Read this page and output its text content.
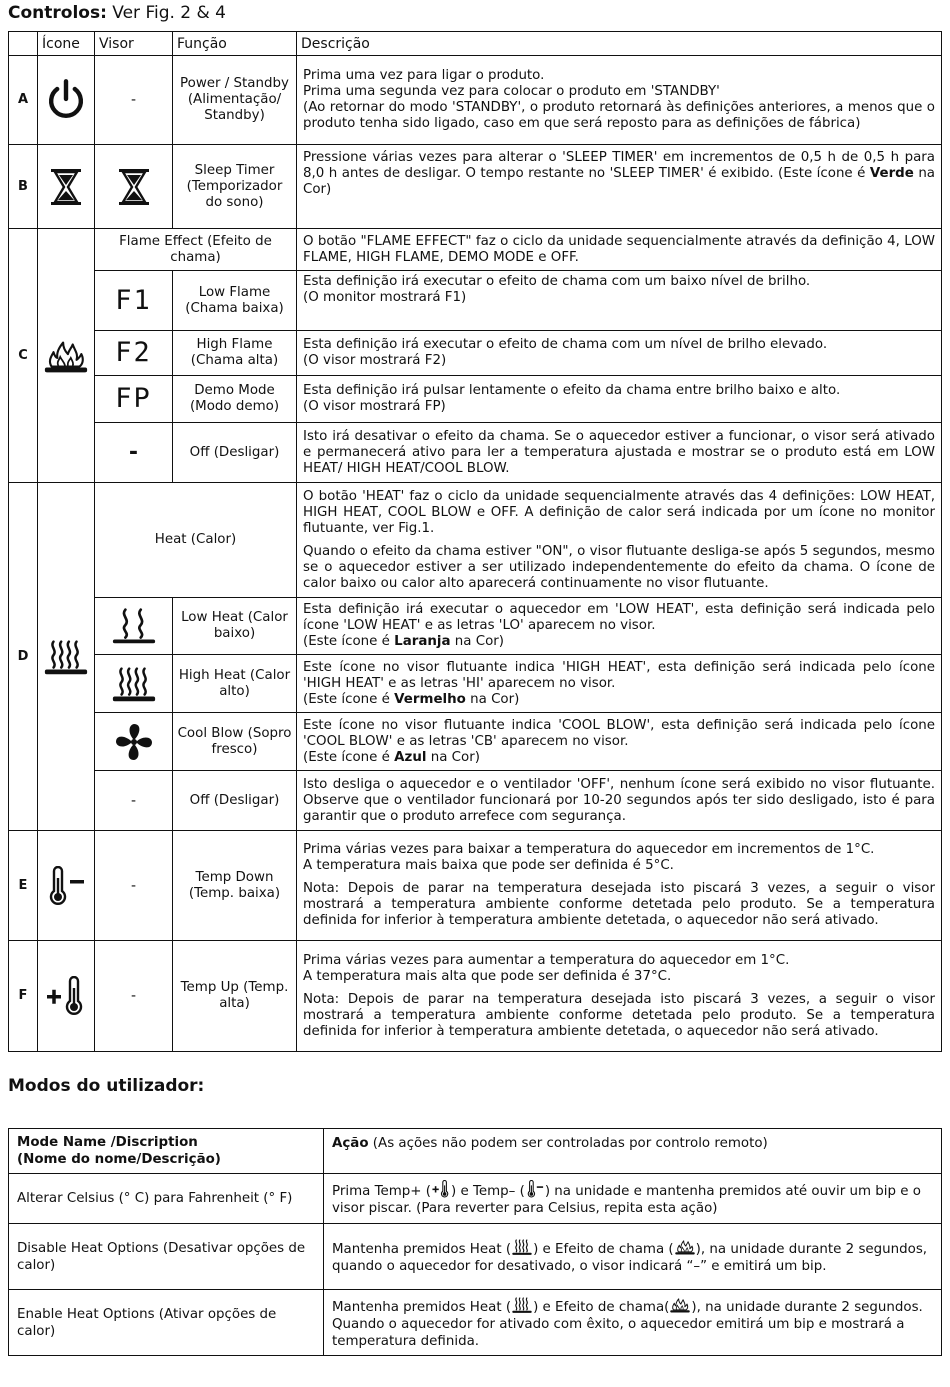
Controlos: Ver Fig. 2 & 4
	Ícone	Visor	Função	Descrição
A		-	Power / Standby (Alimentação/ Standby)	Prima uma vez para ligar o produto.

Prima uma segunda vez para colocar o produto em 'STANDBY'

(Ao retornar do modo 'STANDBY', o produto retornará às definições anteriores, a menos que o produto tenha sido ligado, caso em que será reposto para as definições de fábrica)

B			Sleep Timer (Temporizador do sono)	Pressione várias vezes para alterar o 'SLEEP TIMER' em incrementos de 0,5 h de 0,5 h para 8,0 h antes de desligar. O tempo restante no 'SLEEP TIMER' é exibido. (Este ícone é Verde na Cor)
C		Flame Effect (Efeito de chama)		O botão "FLAME EFFECT" faz o ciclo da unidade sequencialmente através da definição 4, LOW FLAME, HIGH FLAME, DEMO MODE e OFF.
		F1	Low Flame (Chama baixa)	Esta definição irá executar o efeito de chama com um baixo nível de brilho.

(O monitor mostrará F1)

		F2	High Flame (Chama alta)	Esta definição irá executar o efeito de chama com um nível de brilho elevado.

(O visor mostrará F2)

		FP	Demo Mode (Modo demo)	Esta definição irá pulsar lentamente o efeito da chama entre brilho baixo e alto.

(O visor mostrará FP)

		-	Off (Desligar)	Isto irá desativar o efeito da chama. Se o aquecedor estiver a funcionar, o visor será ativado e permanecerá ativo para ler a temperatura ajustada e mostrar se o produto está em LOW HEAT/ HIGH HEAT/COOL BLOW.
D		Heat (Calor)		O botão 'HEAT' faz o ciclo da unidade sequencialmente através das 4 definições: LOW HEAT, HIGH HEAT, COOL BLOW e OFF. A definição de calor será indicada por um ícone no monitor flutuante, ver Fig.1.

Quando o efeito da chama estiver "ON", o visor flutuante desliga-se após 5 segundos, mesmo se o aquecedor estiver a ser utilizado independentemente do efeito da chama. O ícone de calor baixo ou calor alto aparecerá continuamente no visor flutuante.

	Low Heat (Calor baixo)	Esta definição irá executar o aquecedor em 'LOW HEAT', esta definição será indicada pelo ícone 'LOW HEAT' e as letras 'LO' aparecem no visor.

(Este ícone é Laranja na Cor)

	High Heat (Calor alto)	Este ícone no visor flutuante indica 'HIGH HEAT', esta definição será indicada pelo ícone 'HIGH HEAT' e as letras 'HI' aparecem no visor.

(Este ícone é Vermelho na Cor)

	Cool Blow (Sopro fresco)	Este ícone no visor flutuante indica 'COOL BLOW', esta definição será indicada pelo ícone 'COOL BLOW' e as letras 'CB' aparecem no visor.

(Este ícone é Azul na Cor)

		-	Off (Desligar)	Isto desliga o aquecedor e o ventilador 'OFF', nenhum ícone será exibido no visor flutuante. Observe que o ventilador funcionará por 10-20 segundos após ter sido desligado, isto é para garantir que o produto arrefece com segurança.
E		-	Temp Down (Temp. baixa)	Prima várias vezes para baixar a temperatura do aquecedor em incrementos de 1°C.

A temperatura mais baixa que pode ser definida é 5°C.

Nota: Depois de parar na temperatura desejada isto piscará 3 vezes, a seguir o visor mostrará a temperatura ambiente conforme detetada pelo produto. Se a temperatura definida for inferior à temperatura ambiente detetada, o aquecedor não será ativado.

F		-	Temp Up (Temp. alta)	Prima várias vezes para aumentar a temperatura do aquecedor em 1°C.

A temperatura mais alta que pode ser definida é 37°C.

Nota: Depois de parar na temperatura desejada isto piscará 3 vezes, a seguir o visor mostrará a temperatura ambiente conforme detetada pelo produto. Se a temperatura definida for inferior à temperatura ambiente detetada, o aquecedor não será ativado.

Modos do utilizador:
Mode Name /Discription
(Nome do nome/Descrição)	Ação (As ações não podem ser controladas por controlo remoto)
Alterar Celsius (° C) para Fahrenheit (° F)	Prima Temp+ ( ) e Temp– ( ) na unidade e mantenha premidos até ouvir um bip e o visor piscar. (Para reverter para Celsius, repita esta ação)
Disable Heat Options (Desativar opções de calor)	Mantenha premidos Heat ( ) e Efeito de chama ( ), na unidade durante 2 segundos, quando o aquecedor for desativado, o visor indicará “–” e emitirá um bip.
Enable Heat Options (Ativar opções de calor)	Mantenha premidos Heat ( ) e Efeito de chama( ), na unidade durante 2 segundos. Quando o aquecedor for ativado com êxito, o aquecedor emitirá um bip e mostrará a temperatura definida.
